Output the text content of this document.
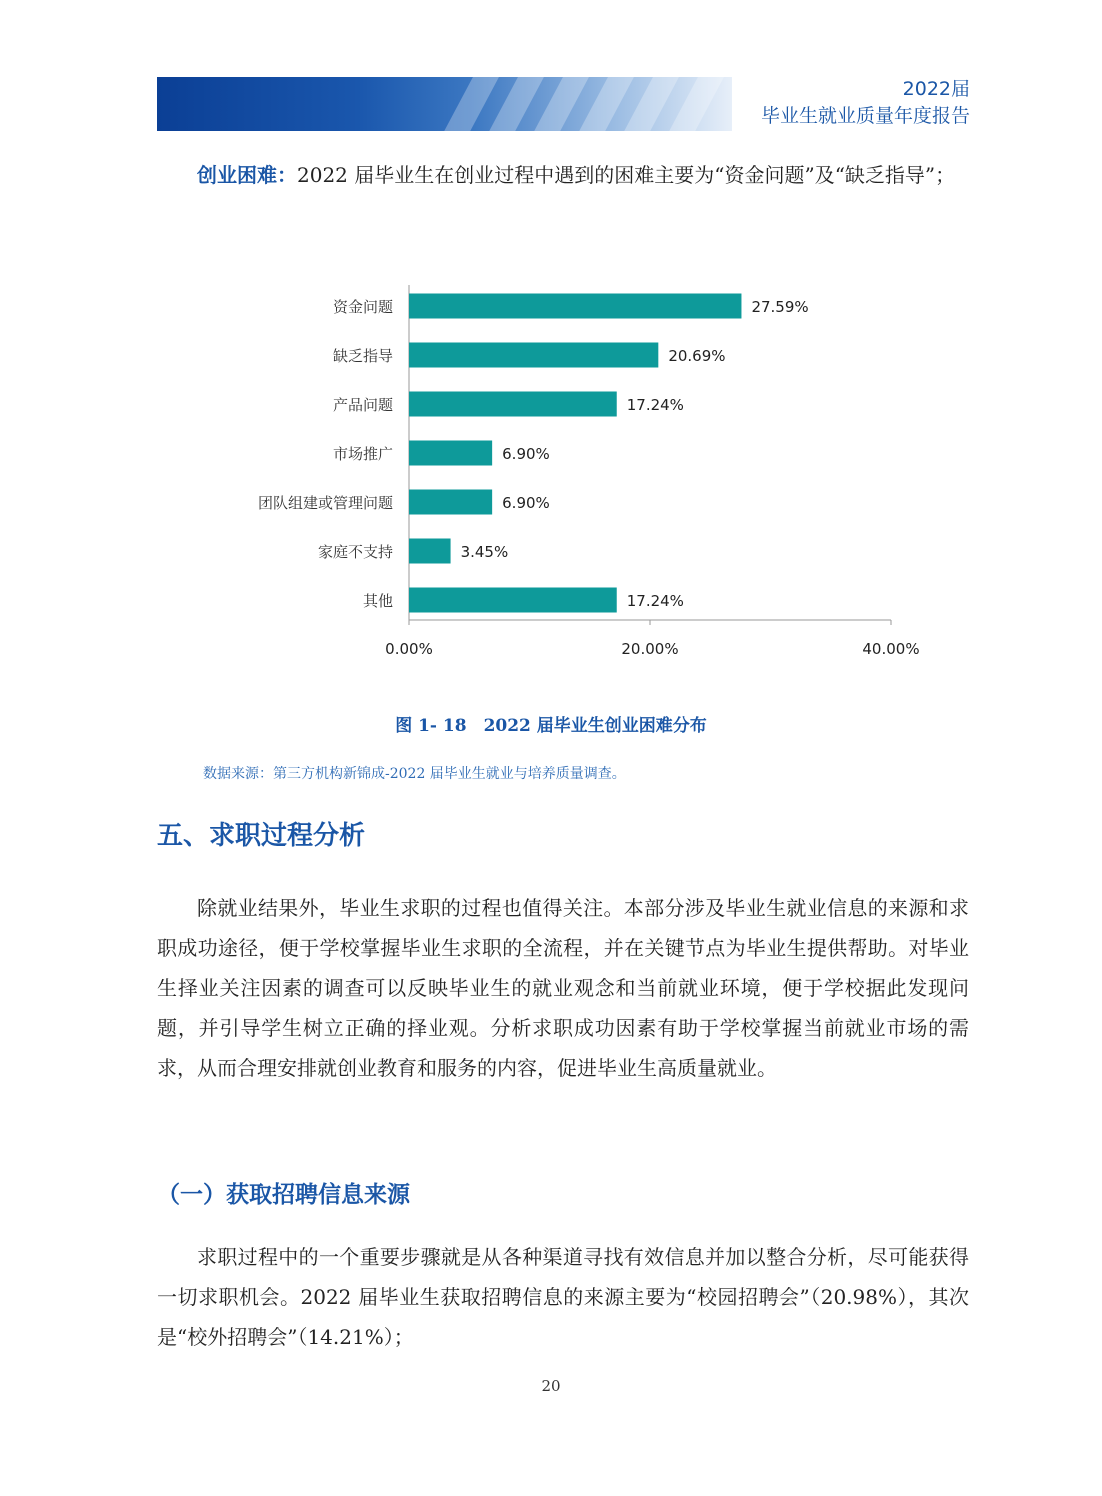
2022届
毕业生就业质量年度报告

创业困难：2022 届毕业生在创业过程中遇到的困难主要为“资金问题”及“缺乏指导”；

资金问题	27.59%
缺乏指导	20.69%
产品问题	17.24%
市场推广	6.90%
团队组建或管理问题	6.90%
家庭不支持	3.45%
其他	17.24%
0.00%	20.00%	40.00%
图 1- 18　2022 届毕业生创业困难分布
数据来源：第三方机构新锦成-2022 届毕业生就业与培养质量调查。
五、求职过程分析

除就业结果外，毕业生求职的过程也值得关注。本部分涉及毕业生就业信息的来源和求职成功途径，便于学校掌握毕业生求职的全流程，并在关键节点为毕业生提供帮助。对毕业生择业关注因素的调查可以反映毕业生的就业观念和当前就业环境，便于学校据此发现问题，并引导学生树立正确的择业观。分析求职成功因素有助于学校掌握当前就业市场的需求，从而合理安排就创业教育和服务的内容，促进毕业生高质量就业。

（一）获取招聘信息来源

求职过程中的一个重要步骤就是从各种渠道寻找有效信息并加以整合分析，尽可能获得一切求职机会。2022 届毕业生获取招聘信息的来源主要为“校园招聘会”（20.98%），其次是“校外招聘会”（14.21%）；

20
